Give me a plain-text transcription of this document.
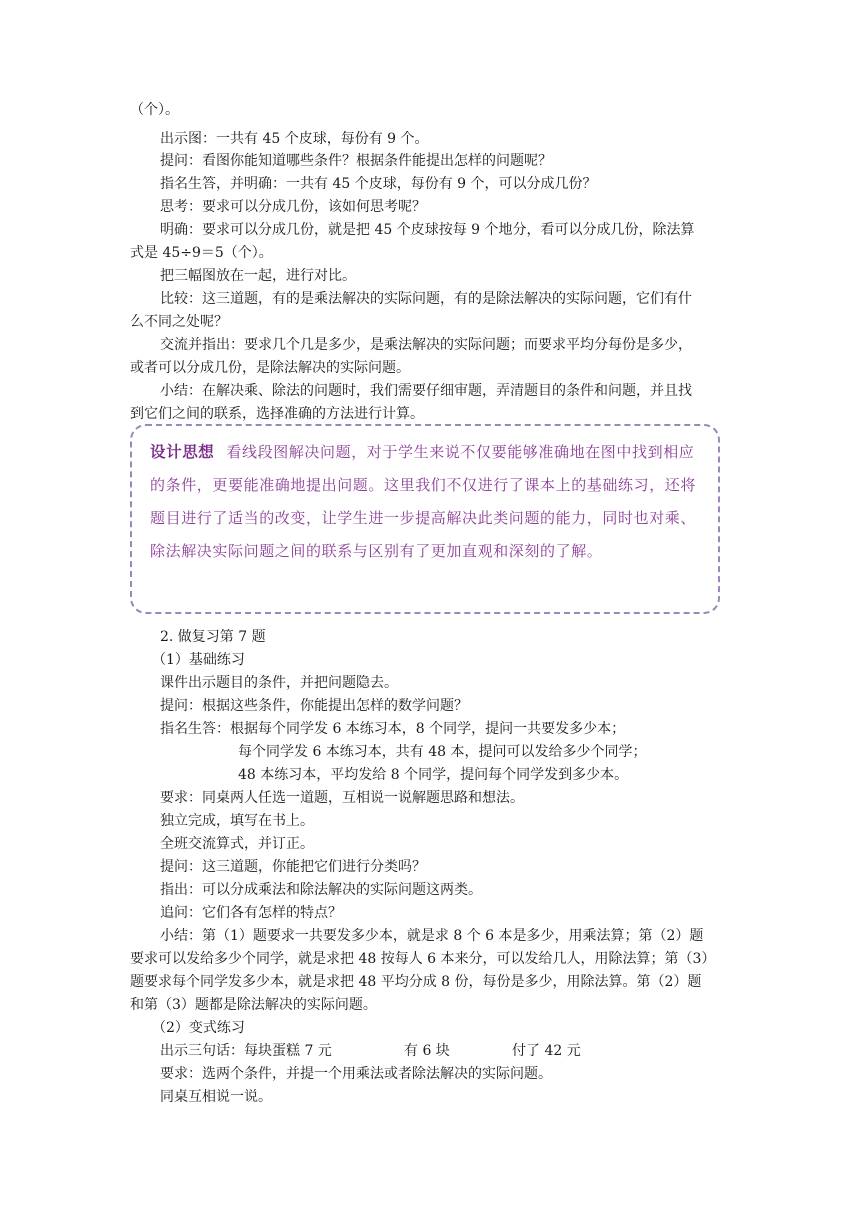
（个）。
出示图：一共有 45 个皮球，每份有 9 个。
提问：看图你能知道哪些条件？根据条件能提出怎样的问题呢？
指名生答，并明确：一共有 45 个皮球，每份有 9 个，可以分成几份？
思考：要求可以分成几份，该如何思考呢？
明确：要求可以分成几份，就是把 45 个皮球按每 9 个地分，看可以分成几份，除法算
式是 45÷9＝5（个）。
把三幅图放在一起，进行对比。
比较：这三道题，有的是乘法解决的实际问题，有的是除法解决的实际问题，它们有什
么不同之处呢？
交流并指出：要求几个几是多少，是乘法解决的实际问题；而要求平均分每份是多少，
或者可以分成几份，是除法解决的实际问题。
小结：在解决乘、除法的问题时，我们需要仔细审题，弄清题目的条件和问题，并且找
到它们之间的联系，选择准确的方法进行计算。
设计思想 看线段图解决问题，对于学生来说不仅要能够准确地在图中找到相应的条件，更要能准确地提出问题。这里我们不仅进行了课本上的基础练习，还将题目进行了适当的改变，让学生进一步提高解决此类问题的能力，同时也对乘、除法解决实际问题之间的联系与区别有了更加直观和深刻的了解。
2. 做复习第 7 题
（1）基础练习
课件出示题目的条件，并把问题隐去。
提问：根据这些条件，你能提出怎样的数学问题？
指名生答：根据每个同学发 6 本练习本，8 个同学，提问一共要发多少本；
每个同学发 6 本练习本，共有 48 本，提问可以发给多少个同学；
48 本练习本，平均发给 8 个同学，提问每个同学发到多少本。
要求：同桌两人任选一道题，互相说一说解题思路和想法。
独立完成，填写在书上。
全班交流算式，并订正。
提问：这三道题，你能把它们进行分类吗？
指出：可以分成乘法和除法解决的实际问题这两类。
追问：它们各有怎样的特点？
小结：第（1）题要求一共要发多少本，就是求 8 个 6 本是多少，用乘法算；第（2）题
要求可以发给多少个同学，就是求把 48 按每人 6 本来分，可以发给几人，用除法算；第（3）
题要求每个同学发多少本，就是求把 48 平均分成 8 份，每份是多少，用除法算。第（2）题
和第（3）题都是除法解决的实际问题。
（2）变式练习
出示三句话：每块蛋糕 7 元	有 6 块	付了 42 元
要求：选两个条件，并提一个用乘法或者除法解决的实际问题。
同桌互相说一说。
